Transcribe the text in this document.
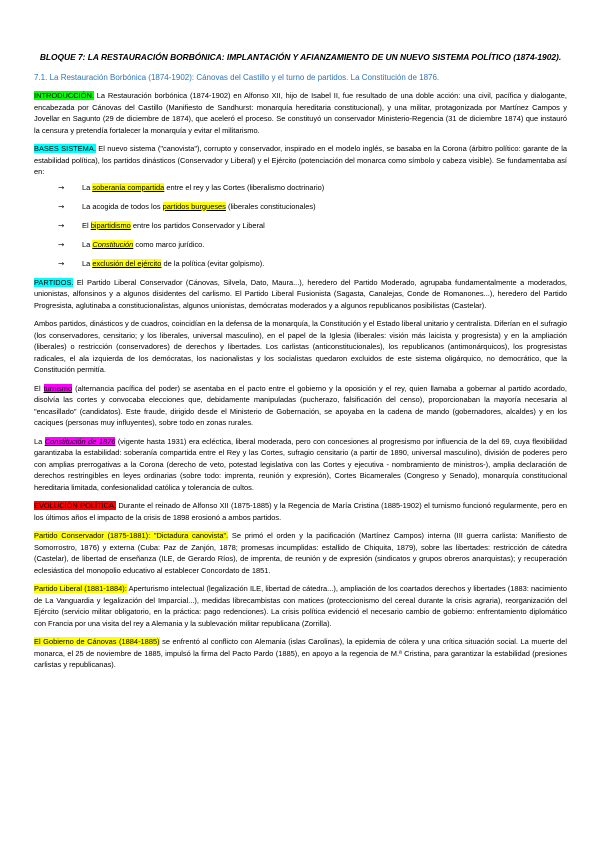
BLOQUE 7: LA RESTAURACIÓN BORBÓNICA: IMPLANTACIÓN Y AFIANZAMIENTO DE UN NUEVO SISTEMA POLÍTICO (1874-1902).
7.1. La Restauración Borbónica (1874-1902): Cánovas del Castillo y el turno de partidos. La Constitución de 1876.

INTRODUCCIÓN. La Restauración borbónica (1874-1902) en Alfonso XII, hijo de Isabel II, fue resultado de una doble acción: una civil, pacífica y dialogante, encabezada por Cánovas del Castillo (Manifiesto de Sandhurst: monarquía hereditaria constitucional), y una militar, protagonizada por Martínez Campos y Jovellar en Sagunto (29 de diciembre de 1874), que aceleró el proceso. Se constituyó un conservador Ministerio-Regencia (31 de diciembre 1874) que instauró la censura y pretendía fortalecer la monarquía y evitar el militarismo.

BASES SISTEMA. El nuevo sistema ("canovista"), corrupto y conservador, inspirado en el modelo inglés, se basaba en la Corona (árbitro político: garante de la estabilidad política), los partidos dinásticos (Conservador y Liberal) y el Ejército (potenciación del monarca como símbolo y cabeza visible). Se fundamentaba así en:

→ La soberanía compartida entre el rey y las Cortes (liberalismo doctrinario)
→ La acogida de todos los partidos burgueses (liberales constitucionales)
→ El bipartidismo entre los partidos Conservador y Liberal
→ La Constitución como marco jurídico.
→ La exclusión del ejército de la política (evitar golpismo).

PARTIDOS. El Partido Liberal Conservador (Cánovas, Silvela, Dato, Maura...), heredero del Partido Moderado, agrupaba fundamentalmente a moderados, unionistas, alfonsinos y a algunos disidentes del carlismo. El Partido Liberal Fusionista (Sagasta, Canalejas, Conde de Romanones...), heredero del Partido Progresista, aglutinaba a constitucionalistas, algunos unionistas, demócratas moderados y a algunos republicanos posibilistas (Castelar).

Ambos partidos, dinásticos y de cuadros, coincidían en la defensa de la monarquía, la Constitución y el Estado liberal unitario y centralista. Diferían en el sufragio (los conservadores, censitario; y los liberales, universal masculino), en el papel de la Iglesia (liberales: visión más laicista y progresista) y en la ampliación (liberales) o restricción (conservadores) de derechos y libertades. Los carlistas (anticonstitucionales), los republicanos (antimonárquicos), los progresistas radicales, el ala izquierda de los demócratas, los nacionalistas y los socialistas quedaron excluidos de este sistema oligárquico, no democrático, que la Constitución permitía.

El turnismo (alternancia pacífica del poder) se asentaba en el pacto entre el gobierno y la oposición y el rey, quien llamaba a gobernar al partido acordado, disolvía las cortes y convocaba elecciones que, debidamente manipuladas (pucherazo, falsificación del censo), proporcionaban la mayoría necesaria al "encasillado" (candidatos). Este fraude, dirigido desde el Ministerio de Gobernación, se apoyaba en la cadena de mando (gobernadores, alcaldes) y en los caciques (personas muy influyentes), sobre todo en zonas rurales.

La Constitución de 1876 (vigente hasta 1931) era ecléctica, liberal moderada, pero con concesiones al progresismo por influencia de la del 69, cuya flexibilidad garantizaba la estabilidad: soberanía compartida entre el Rey y las Cortes, sufragio censitario (a partir de 1890, universal masculino), división de poderes pero con amplias prerrogativas a la Corona (derecho de veto, potestad legislativa con las Cortes y ejecutiva - nombramiento de ministros-), amplia declaración de derechos restringibles en leyes ordinarias (sobre todo: imprenta, reunión y expresión), Cortes Bicamerales (Congreso y Senado), monarquía constitucional hereditaria limitada, confesionalidad católica y tolerancia de cultos.

EVOLUCIÓN POLÍTICA. Durante el reinado de Alfonso XII (1875-1885) y la Regencia de María Cristina (1885-1902) el turnismo funcionó regularmente, pero en los últimos años el impacto de la crisis de 1898 erosionó a ambos partidos.

Partido Conservador (1875-1881): "Dictadura canovista". Se primó el orden y la pacificación (Martínez Campos) interna (III guerra carlista: Manifiesto de Somorrostro, 1876) y externa (Cuba: Paz de Zanjón, 1878; promesas incumplidas: estallido de Chiquita, 1879), sobre las libertades: restricción de cátedra (Castelar), de libertad de enseñanza (ILE, de Gerardo Ríos), de imprenta, de reunión y de expresión (sindicatos y grupos obreros anarquistas); y recuperación eclesiástica del monopolio educativo al establecer Concordato de 1851.

Partido Liberal (1881-1884): Aperturismo intelectual (legalización ILE, libertad de cátedra...), ampliación de los coartados derechos y libertades (1883: nacimiento de La Vanguardia y legalización del Imparcial...), medidas librecambistas con matices (proteccionismo del cereal durante la crisis agraria), reorganización del Ejército (servicio militar obligatorio, en la práctica: pago redenciones). La crisis política evidenció el necesario cambio de gobierno: enfrentamiento diplomático con Francia por una visita del rey a Alemania y la sublevación militar republicana (Zorrilla).

El Gobierno de Cánovas (1884-1885) se enfrentó al conflicto con Alemania (islas Carolinas), la epidemia de cólera y una crítica situación social. La muerte del monarca, el 25 de noviembre de 1885, impulsó la firma del Pacto Pardo (1885), en apoyo a la regencia de M.ª Cristina, para garantizar la estabilidad (presiones carlistas y republicanas).
